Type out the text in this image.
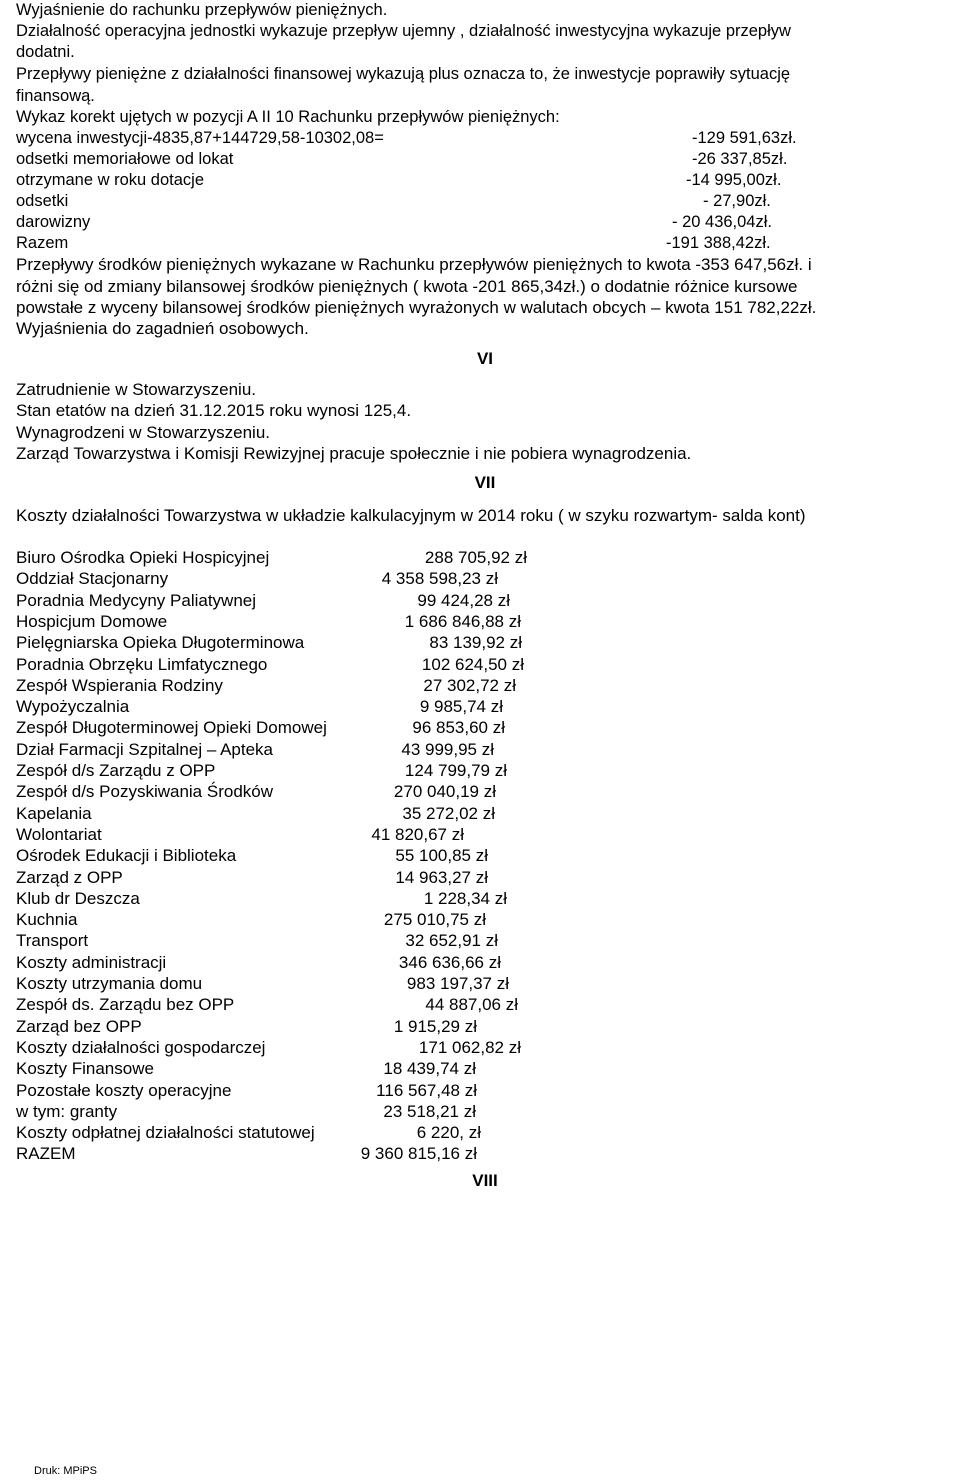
Wyjaśnienie do rachunku przepływów pieniężnych.
Działalność operacyjna jednostki wykazuje przepływ ujemny , działalność inwestycyjna wykazuje przepływ
dodatni.
Przepływy pieniężne z działalności finansowej wykazują plus oznacza to, że inwestycje poprawiły sytuację
finansową.
Wykaz korekt ujętych w pozycji A II 10 Rachunku przepływów pieniężnych:
wycena inwestycji-4835,87+144729,58-10302,08=	-129 591,63zł.
odsetki memoriałowe od lokat	-26 337,85zł.
otrzymane w roku dotacje	-14 995,00zł.
odsetki	- 27,90zł.
darowizny	- 20 436,04zł.
Razem	-191 388,42zł.
Przepływy środków pieniężnych wykazane w Rachunku przepływów pieniężnych to kwota -353 647,56zł. i
różni się od zmiany bilansowej środków pieniężnych ( kwota -201 865,34zł.) o dodatnie różnice kursowe
powstałe z wyceny bilansowej środków pieniężnych wyrażonych w walutach obcych – kwota 151 782,22zł.
Wyjaśnienia do zagadnień osobowych.
VI
Zatrudnienie w Stowarzyszeniu.
Stan etatów na dzień 31.12.2015 roku wynosi 125,4.
Wynagrodzeni w Stowarzyszeniu.
Zarząd Towarzystwa i Komisji Rewizyjnej pracuje społecznie i nie pobiera wynagrodzenia.
VII
Koszty działalności Towarzystwa w układzie kalkulacyjnym w 2014 roku ( w szyku rozwartym- salda kont)
Biuro Ośrodka Opieki Hospicyjnej	288 705,92 zł
Oddział Stacjonarny	4 358 598,23 zł
Poradnia Medycyny Paliatywnej	99 424,28 zł
Hospicjum Domowe	1 686 846,88 zł
Pielęgniarska Opieka Długoterminowa	83 139,92 zł
Poradnia Obrzęku Limfatycznego	102 624,50 zł
Zespół Wspierania Rodziny	27 302,72 zł
Wypożyczalnia	9 985,74 zł
Zespół Długoterminowej Opieki Domowej	96 853,60 zł
Dział Farmacji Szpitalnej – Apteka	43 999,95 zł
Zespół d/s Zarządu z OPP	124 799,79 zł
Zespół d/s Pozyskiwania Środków	270 040,19 zł
Kapelania	35 272,02 zł
Wolontariat	41 820,67 zł
Ośrodek Edukacji i Biblioteka	55 100,85 zł
Zarząd z OPP	14 963,27 zł
Klub dr Deszcza	1 228,34 zł
Kuchnia	275 010,75 zł
Transport	32 652,91 zł
Koszty administracji	346 636,66 zł
Koszty utrzymania domu	983 197,37 zł
Zespół ds. Zarządu bez OPP	44 887,06 zł
Zarząd bez OPP	1 915,29 zł
Koszty działalności gospodarczej	171 062,82 zł
Koszty Finansowe	18 439,74 zł
Pozostałe koszty operacyjne	116 567,48 zł
w tym: granty	23 518,21 zł
Koszty odpłatnej działalności statutowej	6 220, zł
RAZEM	9 360 815,16 zł
VIII
Druk: MPiPS
